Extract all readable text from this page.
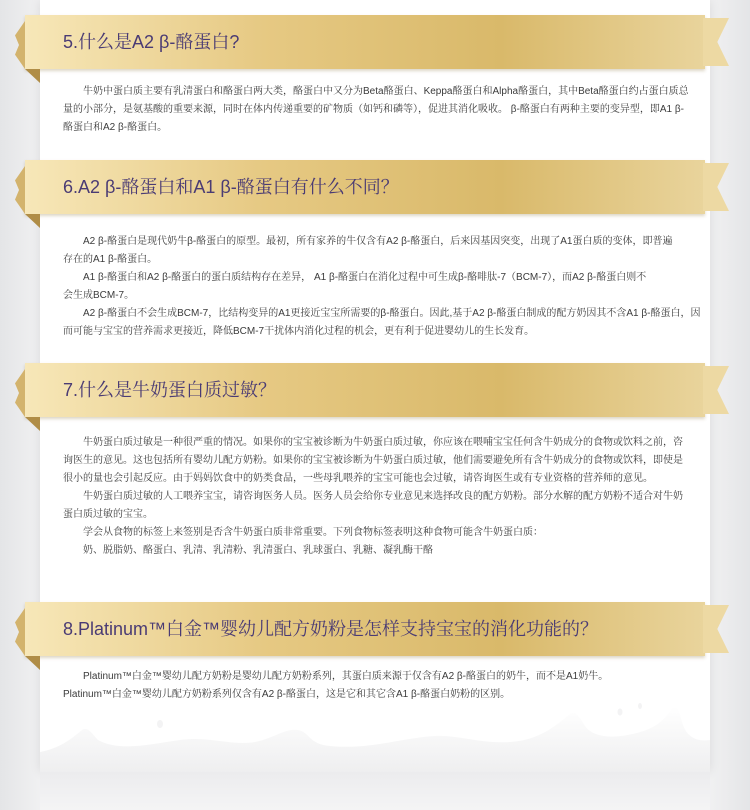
5.什么是A2 β-酪蛋白?

牛奶中蛋白质主要有乳清蛋白和酪蛋白两大类，酪蛋白中又分为Beta酪蛋白、Keppa酪蛋白和Alpha酪蛋白，其中Beta酪蛋白约占蛋白质总量的小部分，是氨基酸的重要来源，同时在体内传递重要的矿物质（如钙和磷等），促进其消化吸收。 β-酪蛋白有两种主要的变异型，即A1 β-酪蛋白和A2 β-酪蛋白。

6.A2 β-酪蛋白和A1 β-酪蛋白有什么不同？

A2 β-酪蛋白是现代奶牛β-酪蛋白的原型。最初，所有家养的牛仅含有A2 β-酪蛋白，后来因基因突变，出现了A1蛋白质的变体，即普遍存在的A1 β-酪蛋白。

A1 β-酪蛋白和A2 β-酪蛋白的蛋白质结构存在差异， A1 β-酪蛋白在消化过程中可生成β-酪啡肽-7（BCM-7），而A2 β-酪蛋白则不会生成BCM-7。

A2 β-酪蛋白不会生成BCM-7，比结构变异的A1更接近宝宝所需要的β-酪蛋白。因此,基于A2 β-酪蛋白制成的配方奶因其不含A1 β-酪蛋白，因而可能与宝宝的营养需求更接近，降低BCM-7干扰体内消化过程的机会，更有利于促进婴幼儿的生长发育。

7.什么是牛奶蛋白质过敏？

牛奶蛋白质过敏是一种很严重的情况。如果你的宝宝被诊断为牛奶蛋白质过敏，你应该在喂哺宝宝任何含牛奶成分的食物或饮料之前，咨询医生的意见。这也包括所有婴幼儿配方奶粉。如果你的宝宝被诊断为牛奶蛋白质过敏，他们需要避免所有含牛奶成分的食物或饮料，即使是很小的量也会引起反应。由于妈妈饮食中的奶类食品，一些母乳喂养的宝宝可能也会过敏，请咨询医生或有专业资格的营养师的意见。

牛奶蛋白质过敏的人工喂养宝宝，请咨询医务人员。医务人员会给你专业意见来选择改良的配方奶粉。部分水解的配方奶粉不适合对牛奶蛋白质过敏的宝宝。

学会从食物的标签上来签别是否含牛奶蛋白质非常重要。下列食物标签表明这种食物可能含牛奶蛋白质：

奶、脱脂奶、酪蛋白、乳清、乳清粉、乳清蛋白、乳球蛋白、乳糖、凝乳酶干酪

8.Platinum™白金™婴幼儿配方奶粉是怎样支持宝宝的消化功能的？

Platinum™白金™婴幼儿配方奶粉是婴幼儿配方奶粉系列，其蛋白质来源于仅含有A2 β-酪蛋白的奶牛，而不是A1奶牛。Platinum™白金™婴幼儿配方奶粉系列仅含有A2 β-酪蛋白，这是它和其它含A1 β-酪蛋白奶粉的区别。
